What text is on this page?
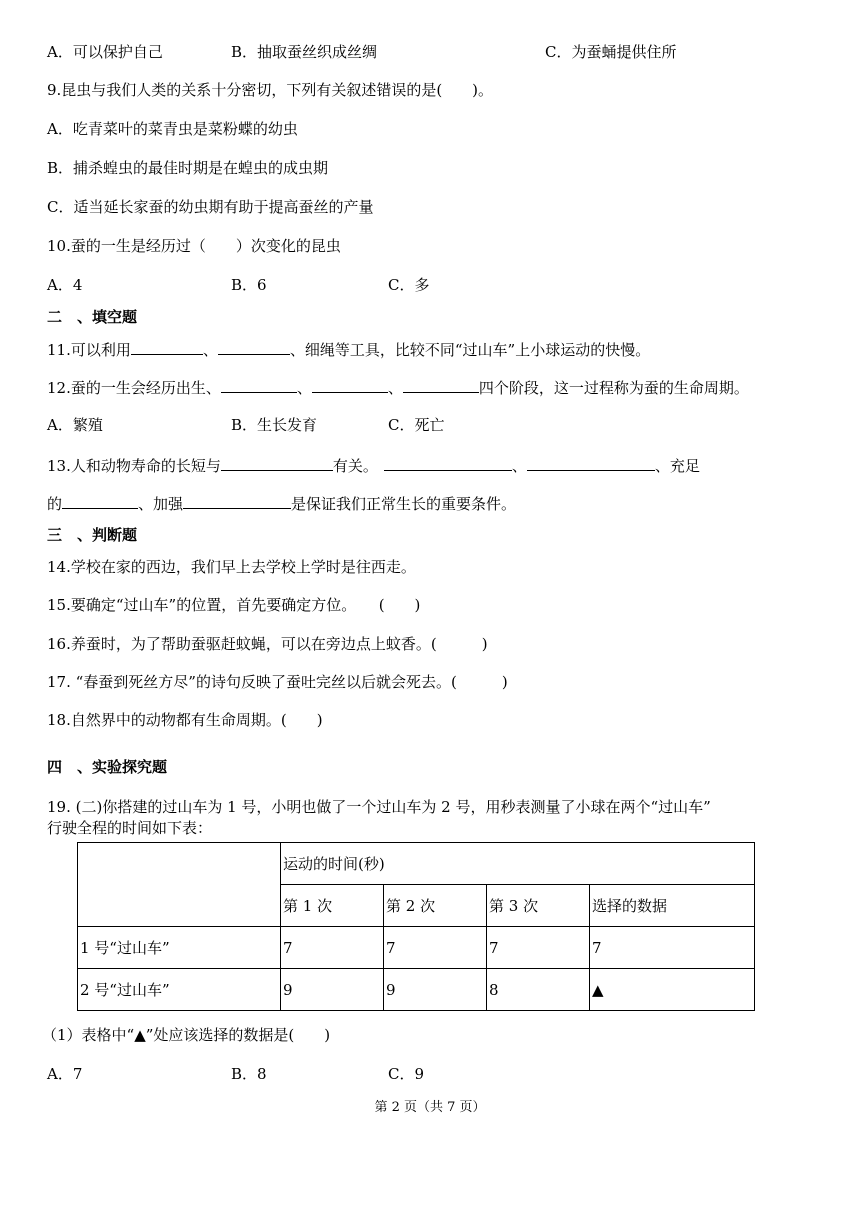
A．可以保护自己	B．抽取蚕丝织成丝绸	C．为蚕蛹提供住所
9.昆虫与我们人类的关系十分密切，下列有关叙述错误的是(　　)。
A．吃青菜叶的菜青虫是菜粉蝶的幼虫
B．捕杀蝗虫的最佳时期是在蝗虫的成虫期
C．适当延长家蚕的幼虫期有助于提高蚕丝的产量
10.蚕的一生是经历过（　　）次变化的昆虫
A．4	B．6	C．多
二　、填空题
11.可以利用	、	、细绳等工具，比较不同“过山车”上小球运动的快慢。
12.蚕的一生会经历出生、	、	、	四个阶段，这一过程称为蚕的生命周期。
A．繁殖	B．生长发育	C．死亡
13.人和动物寿命的长短与	有关。	、	、充足
的	、加强	是保证我们正常生长的重要条件。
三　、判断题
14.学校在家的西边，我们早上去学校上学时是往西走。
15.要确定“过山车”的位置，首先要确定方位。　　(　　)
16.养蚕时，为了帮助蚕驱赶蚊蝇，可以在旁边点上蚊香。(　　　)
17. “春蚕到死丝方尽”的诗句反映了蚕吐完丝以后就会死去。(　　　)
18.自然界中的动物都有生命周期。(　　)
四　、实验探究题
19. (二)你搭建的过山车为 1 号，小明也做了一个过山车为 2 号，用秒表测量了小球在两个“过山车”
行驶全程的时间如下表：
	运动的时间(秒)			
	第 1 次	第 2 次	第 3 次	选择的数据
1 号“过山车”	7	7	7	7
2 号“过山车”	9	9	8	▲
（1）表格中“▲”处应该选择的数据是(　　)
A．7	B．8	C．9
第 2 页（共 7 页）
